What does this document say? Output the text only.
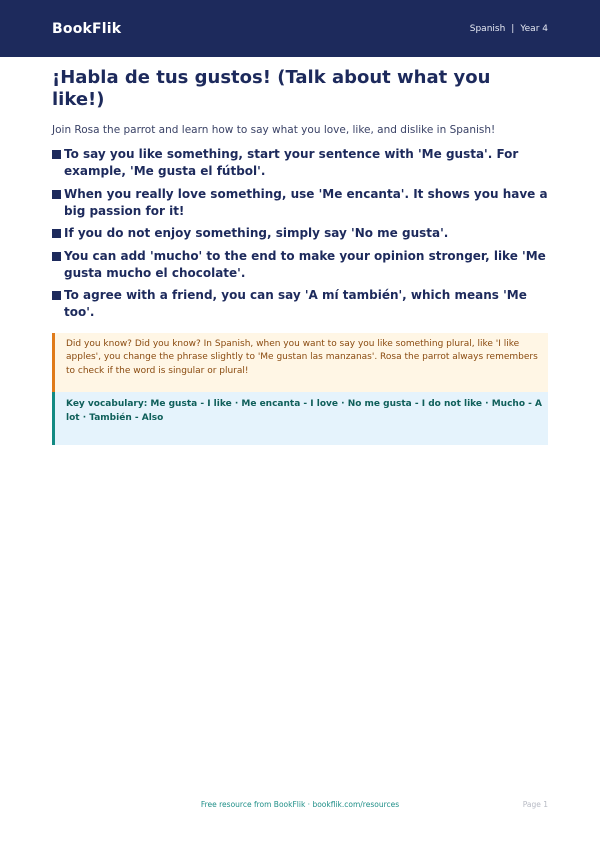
BookFlik	Spanish | Year 4
¡Habla de tus gustos! (Talk about what you like!)

Join Rosa the parrot and learn how to say what you love, like, and dislike in Spanish!

To say you like something, start your sentence with 'Me gusta'. For example, 'Me gusta el fútbol'.
When you really love something, use 'Me encanta'. It shows you have a big passion for it!
If you do not enjoy something, simply say 'No me gusta'.
You can add 'mucho' to the end to make your opinion stronger, like 'Me gusta mucho el chocolate'.
To agree with a friend, you can say 'A mí también', which means 'Me too'.
Did you know? Did you know? In Spanish, when you want to say you like something plural, like 'I like apples', you change the phrase slightly to 'Me gustan las manzanas'. Rosa the parrot always remembers to check if the word is singular or plural!
Key vocabulary: Me gusta - I like · Me encanta - I love · No me gusta - I do not like · Mucho - A lot · También - Also
Free resource from BookFlik · bookflik.com/resources	Page 1
